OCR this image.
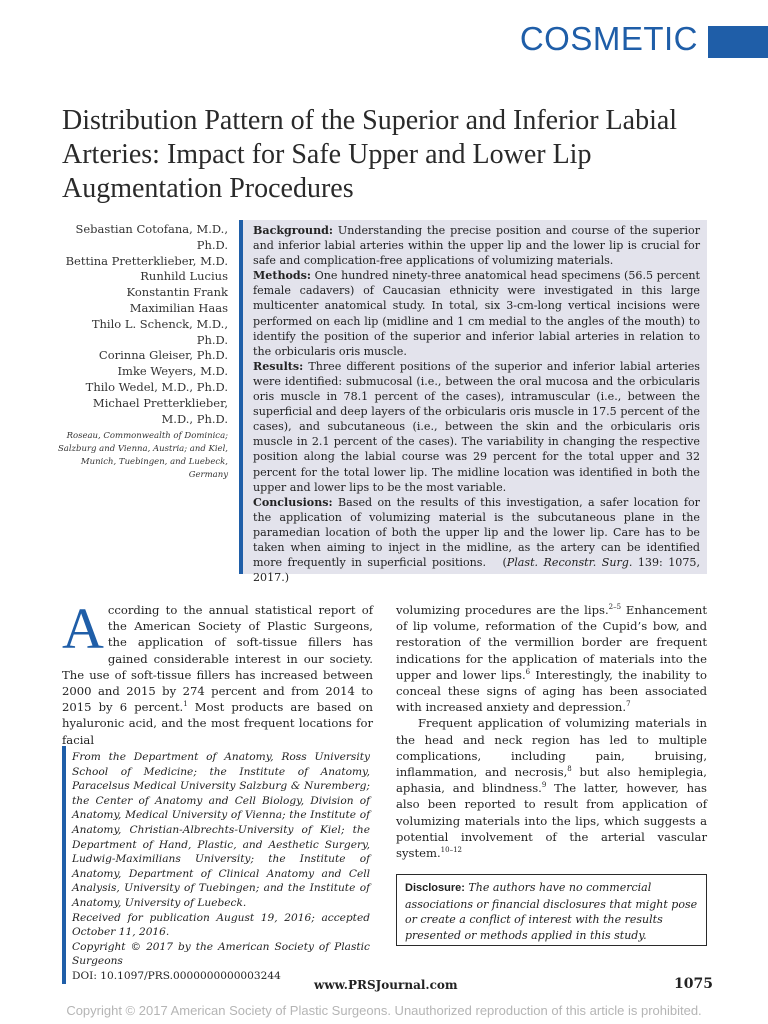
COSMETIC
Distribution Pattern of the Superior and Inferior Labial Arteries: Impact for Safe Upper and Lower Lip Augmentation Procedures
Sebastian Cotofana, M.D.,
Ph.D.
Bettina Pretterklieber, M.D.
Runhild Lucius
Konstantin Frank
Maximilian Haas
Thilo L. Schenck, M.D.,
Ph.D.
Corinna Gleiser, Ph.D.
Imke Weyers, M.D.
Thilo Wedel, M.D., Ph.D.
Michael Pretterklieber,
M.D., Ph.D.
Roseau, Commonwealth of Dominica; Salzburg and Vienna, Austria; and Kiel, Munich, Tuebingen, and Luebeck, Germany

Background: Understanding the precise position and course of the superior and inferior labial arteries within the upper lip and the lower lip is crucial for safe and complication-free applications of volumizing materials.

Methods: One hundred ninety-three anatomical head specimens (56.5 percent female cadavers) of Caucasian ethnicity were investigated in this large multicenter anatomical study. In total, six 3-cm-long vertical incisions were performed on each lip (midline and 1 cm medial to the angles of the mouth) to identify the position of the superior and inferior labial arteries in relation to the orbicularis oris muscle.

Results: Three different positions of the superior and inferior labial arteries were identified: submucosal (i.e., between the oral mucosa and the orbicularis oris muscle in 78.1 percent of the cases), intramuscular (i.e., between the superficial and deep layers of the orbicularis oris muscle in 17.5 percent of the cases), and subcutaneous (i.e., between the skin and the orbicularis oris muscle in 2.1 percent of the cases). The variability in changing the respective position along the labial course was 29 percent for the total upper and 32 percent for the total lower lip. The midline location was identified in both the upper and lower lips to be the most variable.

Conclusions: Based on the results of this investigation, a safer location for the application of volumizing material is the subcutaneous plane in the paramedian location of both the upper lip and the lower lip. Care has to be taken when aiming to inject in the midline, as the artery can be identified more frequently in superficial positions. (Plast. Reconstr. Surg. 139: 1075, 2017.)

According to the annual statistical report of the American Society of Plastic Surgeons, the application of soft-tissue fillers has gained considerable interest in our society. The use of soft-tissue fillers has increased between 2000 and 2015 by 274 percent and from 2014 to 2015 by 6 percent.$^1$ Most products are based on hyaluronic acid, and the most frequent locations for facial

From the Department of Anatomy, Ross University School of Medicine; the Institute of Anatomy, Paracelsus Medical University Salzburg & Nuremberg; the Center of Anatomy and Cell Biology, Division of Anatomy, Medical University of Vienna; the Institute of Anatomy, Christian-Albrechts-University of Kiel; the Department of Hand, Plastic, and Aesthetic Surgery, Ludwig-Maximilians University; the Institute of Anatomy, Department of Clinical Anatomy and Cell Analysis, University of Tuebingen; and the Institute of Anatomy, University of Luebeck.

Received for publication August 19, 2016; accepted October 11, 2016.

Copyright © 2017 by the American Society of Plastic Surgeons

DOI: 10.1097/PRS.0000000000003244

volumizing procedures are the lips.$^{2-5}$ Enhancement of lip volume, reformation of the Cupid’s bow, and restoration of the vermillion border are frequent indications for the application of materials into the upper and lower lips.$^6$ Interestingly, the inability to conceal these signs of aging has been associated with increased anxiety and depression.$^7$

Frequent application of volumizing materials in the head and neck region has led to multiple complications, including pain, bruising, inflammation, and necrosis,$^8$ but also hemiplegia, aphasia, and blindness.$^9$ The latter, however, has also been reported to result from application of volumizing materials into the lips, which suggests a potential involvement of the arterial vascular system.$^{10-12}$

Disclosure: The authors have no commercial associations or financial disclosures that might pose or create a conflict of interest with the results presented or methods applied in this study.
www.PRSJournal.com	1075
Copyright © 2017 American Society of Plastic Surgeons. Unauthorized reproduction of this article is prohibited.
